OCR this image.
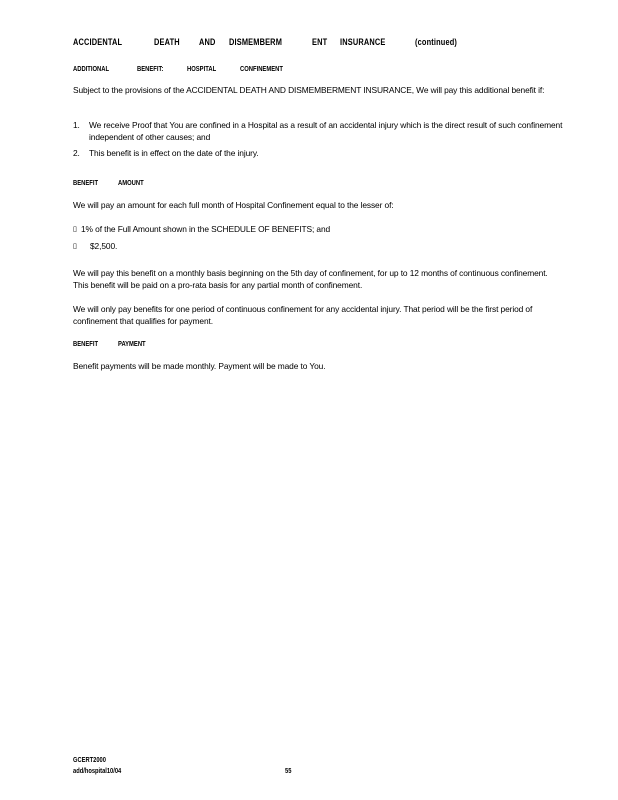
ACCIDENTAL	DEATH AND DISMEMBERM	ENT INSURANCE	(continued)
ADDITIONAL	BENEFIT:	HOSPITAL	CONFINEMENT
Subject to the provisions of the ACCIDENTAL DEATH AND DISMEMBERMENT INSURANCE, We will pay this additional benefit if:
1. We receive Proof that You are confined in a Hospital as a result of an accidental injury which is the direct result of such confinement independent of other causes; and
2. This benefit is in effect on the date of the injury.
BENEFIT	AMOUNT
We will pay an amount for each full month of Hospital Confinement equal to the lesser of:
▯ 1% of the Full Amount shown in the SCHEDULE OF BENEFITS; and
▯ $2,500.
We will pay this benefit on a monthly basis beginning on the 5th day of confinement, for up to 12 months of continuous confinement. This benefit will be paid on a pro-rata basis for any partial month of confinement.
We will only pay benefits for one period of continuous confinement for any accidental injury. That period will be the first period of confinement that qualifies for payment.
BENEFIT	PAYMENT
Benefit payments will be made monthly. Payment will be made to You.
GCERT2000
add/hospital10/04	55
